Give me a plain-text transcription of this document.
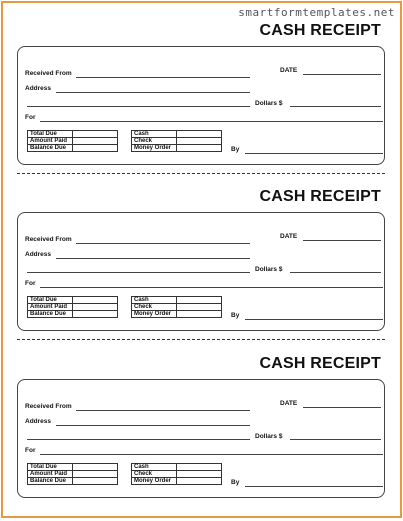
smartformtemplates.net
CASH RECEIPT
DATE
Received From
Address
Dollars $
For
Total Due	
Amount Paid	
Balance Due	
Cash	
Check	
Money Order		By
CASH RECEIPT
DATE
Received From
Address
Dollars $
For
Total Due	
Amount Paid	
Balance Due	
Cash	
Check	
Money Order		By
CASH RECEIPT
DATE
Received From
Address
Dollars $
For
Total Due	
Amount Paid	
Balance Due	
Cash	
Check	
Money Order		By
